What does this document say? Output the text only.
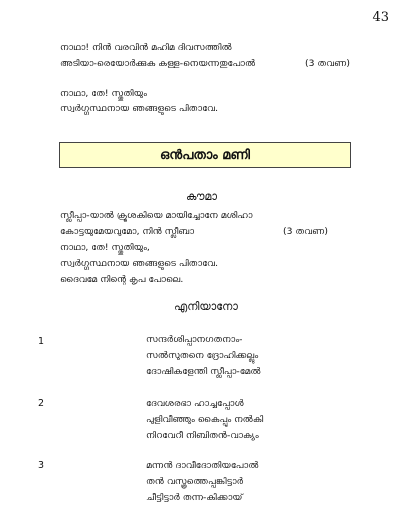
43
നാഥാ! നിൻ വരവിൻ മഹിമ ദിവസത്തിൽ
അടിയാ-രെയോർക്കുക കള്ള-നെയന്നതുപോൽ	(3 തവണ)
നാഥാ, തേ! സ്തുതിയും
സ്വർഗ്ഗസ്ഥനായ ഞങ്ങളുടെ പിതാവേ.
ഒൻപതാം മണി
കൗമാ
സ്ലീപ്പാ-യാൽ ക്രൂശകിയെ മായിച്ചോനേ മശിഹാ
കോട്ടയുമേയവുമോ, നിൻ സ്ലീബാ	(3 തവണ)
നാഥാ, തേ! സ്തുതിയും,
സ്വർഗ്ഗസ്ഥനായ ഞങ്ങളുടെ പിതാവേ.
ദൈവമേ നിന്റെ കൃപ പോലെ.
എനിയാനോ
1	സന്ദർശിപ്പാനഗതനാം-
സൽസുതനെ ദ്രോഹിക്കല്ലും
ദോഷികളേന്തി സ്ലീപ്പാ-മേൽ
2	ദേവശരഭാ ഹാച്ചപ്പോൾ
പുളിവീഞ്ഞും കൈപ്പും നൽകി
നിറവേറീ നിബിതൻ-വാക്യം
3	മന്നൻ ദാവീദോതിയപോൽ
തൻ വസ്ത്രത്തെപ്പങ്കിട്ടാർ
ചീട്ടിട്ടാർ തന്ന-കിക്കായ്
